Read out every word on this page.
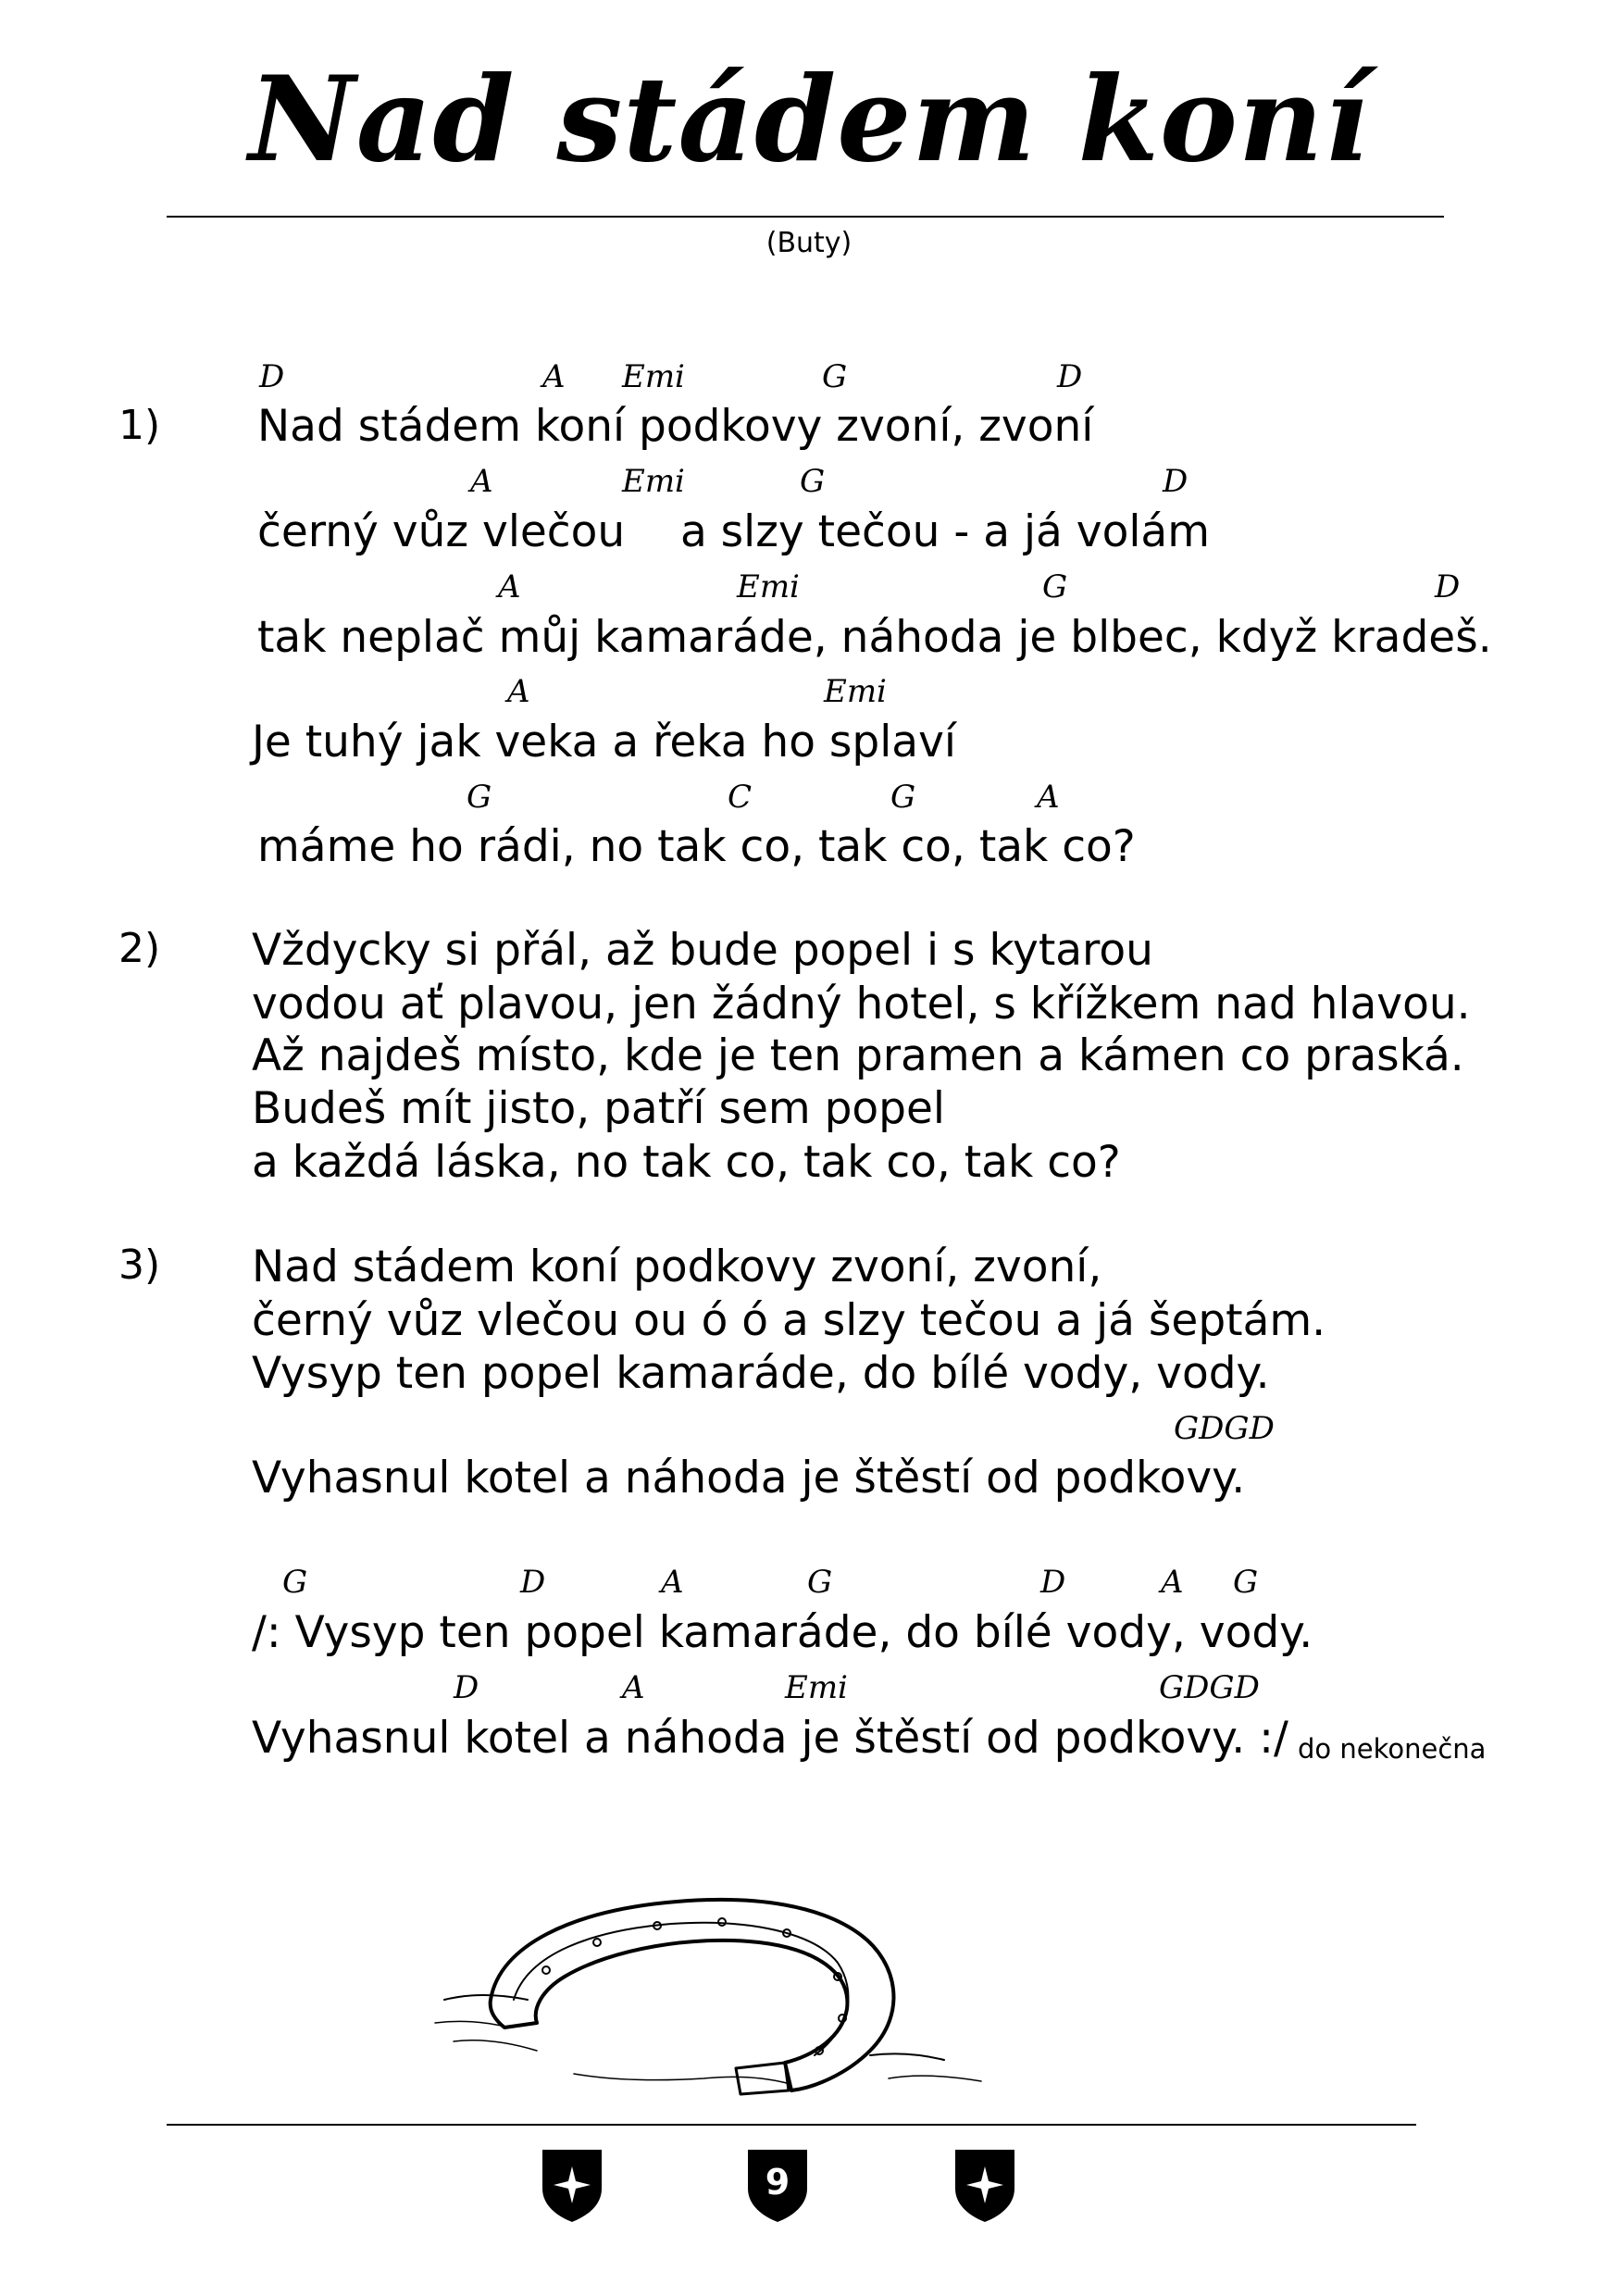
Nad stádem koní
(Buty)
1)
D	A Emi	G	D
Nad stádem koní podkovy zvoní, zvoní
A	Emi	G	D
černý vůz vlečou    a slzy tečou - a já volám
A	Emi	G	D
tak neplač můj kamaráde, náhoda je blbec, když kradeš.
A	Emi
Je tuhý jak veka a řeka ho splaví
G	C	G	A
máme ho rádi, no tak co, tak co, tak co?
2) Vždycky si přál, až bude popel i s kytarou
vodou ať plavou, jen žádný hotel, s křížkem nad hlavou.
Až najdeš místo, kde je ten pramen a kámen co praská.
Budeš mít jisto, patří sem popel
a každá láska, no tak co, tak co, tak co?
3) Nad stádem koní podkovy zvoní, zvoní,
černý vůz vlečou ou ó ó a slzy tečou a já šeptám.
Vysyp ten popel kamaráde, do bílé vody, vody.
GDGD
Vyhasnul kotel a náhoda je štěstí od podkovy.
G	D	A	G	D	A G
/: Vysyp ten popel kamaráde, do bílé vody, vody.
D	A	Emi	GDGD
Vyhasnul kotel a náhoda je štěstí od podkovy. :/ do nekonečna
9
